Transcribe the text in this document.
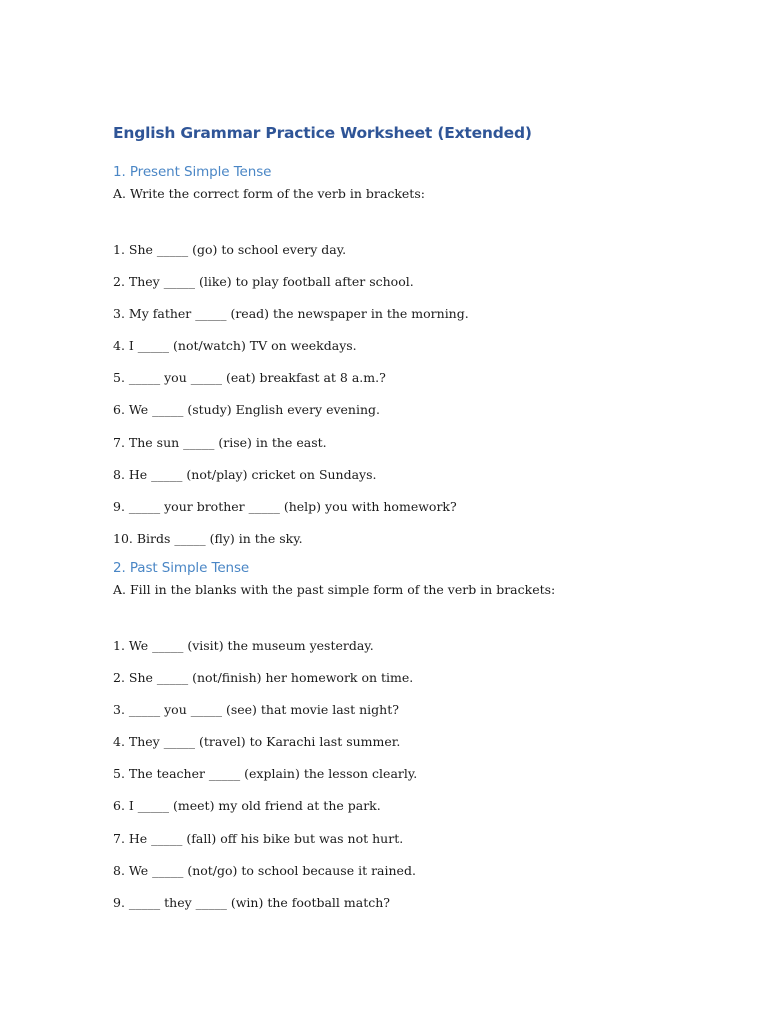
English Grammar Practice Worksheet (Extended)
1. Present Simple Tense

A. Write the correct form of the verb in brackets:

1. She _____ (go) to school every day.
2. They _____ (like) to play football after school.
3. My father _____ (read) the newspaper in the morning.
4. I _____ (not/watch) TV on weekdays.
5. _____ you _____ (eat) breakfast at 8 a.m.?
6. We _____ (study) English every evening.
7. The sun _____ (rise) in the east.
8. He _____ (not/play) cricket on Sundays.
9. _____ your brother _____ (help) you with homework?
10. Birds _____ (fly) in the sky.
2. Past Simple Tense

A. Fill in the blanks with the past simple form of the verb in brackets:

1. We _____ (visit) the museum yesterday.
2. She _____ (not/finish) her homework on time.
3. _____ you _____ (see) that movie last night?
4. They _____ (travel) to Karachi last summer.
5. The teacher _____ (explain) the lesson clearly.
6. I _____ (meet) my old friend at the park.
7. He _____ (fall) off his bike but was not hurt.
8. We _____ (not/go) to school because it rained.
9. _____ they _____ (win) the football match?
